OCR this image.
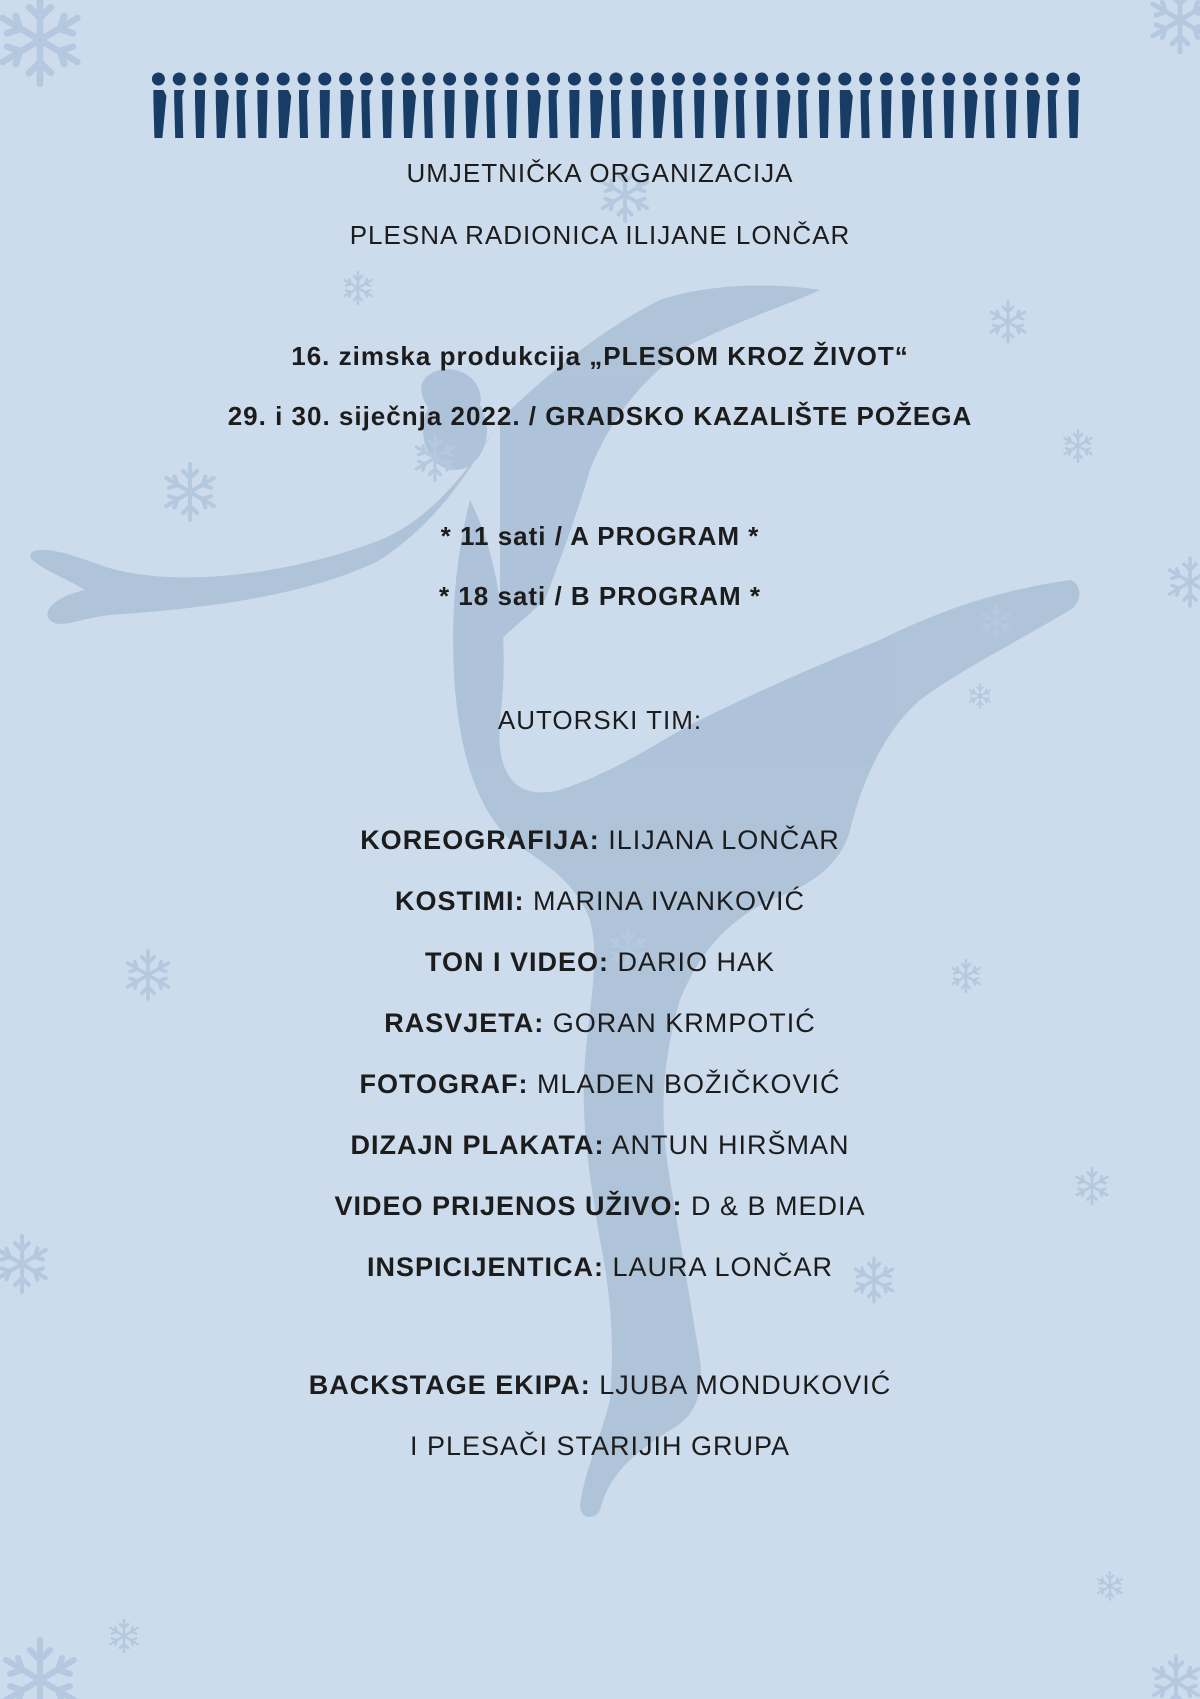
UMJETNIČKA ORGANIZACIJA
PLESNA RADIONICA ILIJANE LONČAR
16. zimska produkcija „PLESOM KROZ ŽIVOT“
29. i 30. siječnja 2022. / GRADSKO KAZALIŠTE POŽEGA
* 11 sati / A PROGRAM *
* 18 sati / B PROGRAM *
AUTORSKI TIM:
KOREOGRAFIJA: ILIJANA LONČAR
KOSTIMI: MARINA IVANKOVIĆ
TON I VIDEO: DARIO HAK
RASVJETA: GORAN KRMPOTIĆ
FOTOGRAF: MLADEN BOŽIČKOVIĆ
DIZAJN PLAKATA: ANTUN HIRŠMAN
VIDEO PRIJENOS UŽIVO: D & B MEDIA
INSPICIJENTICA: LAURA LONČAR
BACKSTAGE EKIPA: LJUBA MONDUKOVIĆ
I PLESAČI STARIJIH GRUPA
